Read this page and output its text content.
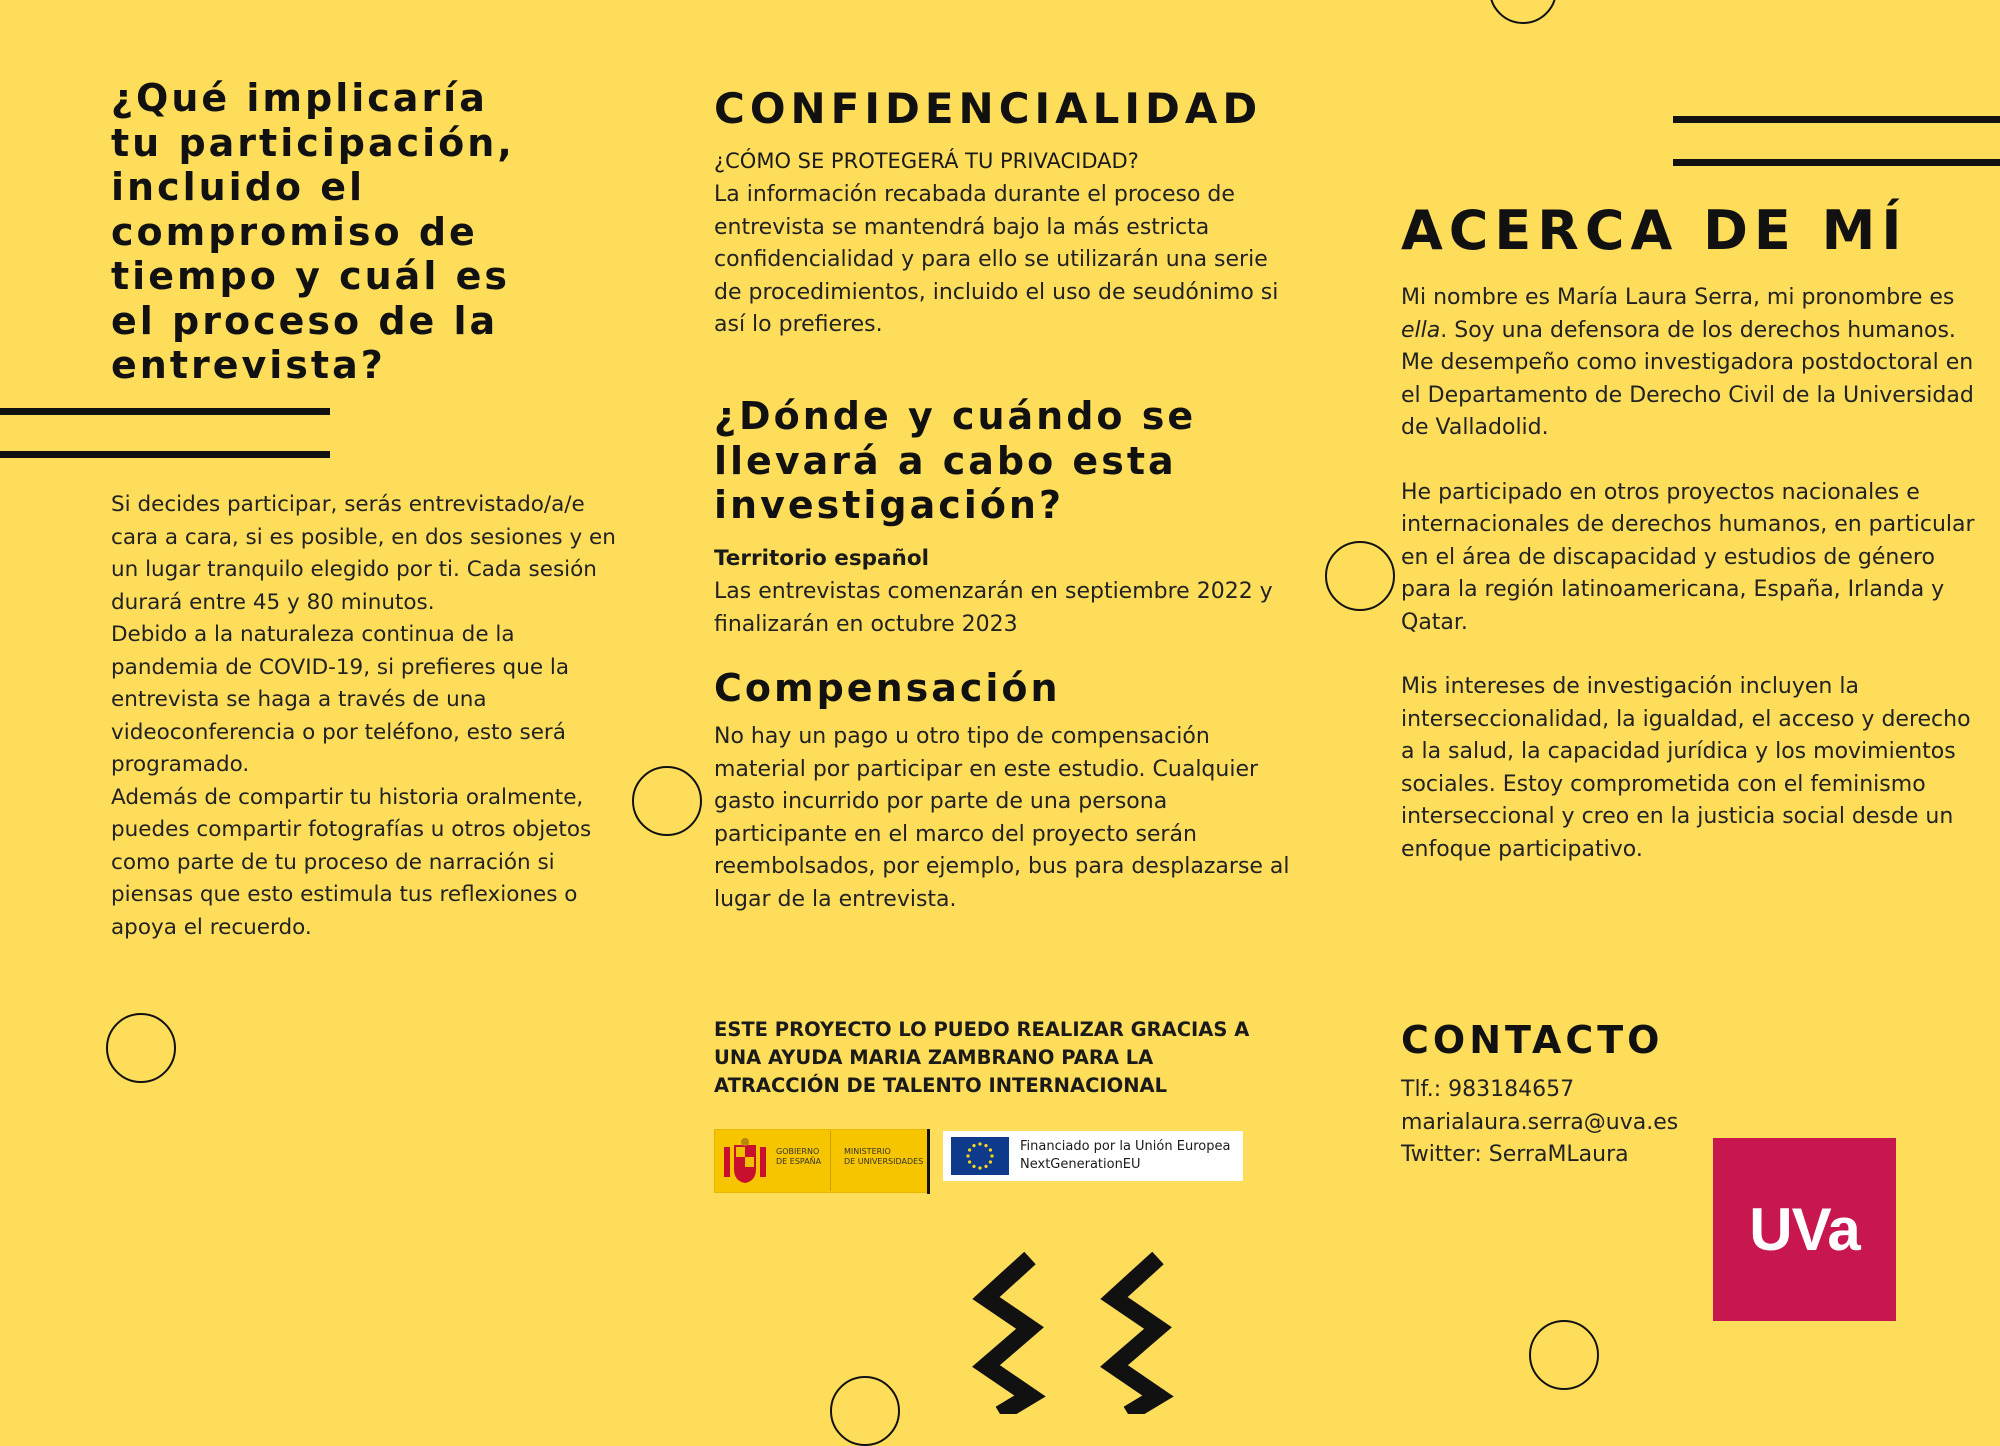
¿Qué implicaría
tu participación,
incluido el
compromiso de
tiempo y cuál es
el proceso de la
entrevista?

Si decides participar, serás entrevistado/a/e cara a cara, si es posible, en dos sesiones y en un lugar tranquilo elegido por ti. Cada sesión durará entre 45 y 80 minutos.
Debido a la naturaleza continua de la pandemia de COVID-19, si prefieres que la entrevista se haga a través de una videoconferencia o por teléfono, esto será programado.
Además de compartir tu historia oralmente, puedes compartir fotografías u otros objetos como parte de tu proceso de narración si piensas que esto estimula tus reflexiones o apoya el recuerdo.

CONFIDENCIALIDAD

¿CÓMO SE PROTEGERÁ TU PRIVACIDAD?

La información recabada durante el proceso de entrevista se mantendrá bajo la más estricta confidencialidad y para ello se utilizarán una serie de procedimientos, incluido el uso de seudónimo si así lo prefieres.

¿Dónde y cuándo se
llevará a cabo esta
investigación?

Territorio español

Las entrevistas comenzarán en septiembre 2022 y finalizarán en octubre 2023

Compensación

No hay un pago u otro tipo de compensación material por participar en este estudio. Cualquier gasto incurrido por parte de una persona participante en el marco del proyecto serán reembolsados, por ejemplo, bus para desplazarse al lugar de la entrevista.

ESTE PROYECTO LO PUEDO REALIZAR GRACIAS A
UNA AYUDA MARIA ZAMBRANO PARA LA
ATRACCIÓN DE TALENTO INTERNACIONAL

GOBIERNO
DE ESPAÑA
MINISTERIO
DE UNIVERSIDADES
Financiado por la Unión Europea
NextGenerationEU
ACERCA DE MÍ

Mi nombre es María Laura Serra, mi pronombre es ella. Soy una defensora de los derechos humanos.
Me desempeño como investigadora postdoctoral en el Departamento de Derecho Civil de la Universidad de Valladolid.
He participado en otros proyectos nacionales e internacionales de derechos humanos, en particular en el área de discapacidad y estudios de género para la región latinoamericana, España, Irlanda y Qatar.
Mis intereses de investigación incluyen la interseccionalidad, la igualdad, el acceso y derecho a la salud, la capacidad jurídica y los movimientos sociales. Estoy comprometida con el feminismo interseccional y creo en la justicia social desde un enfoque participativo.

CONTACTO

Tlf.: 983184657
marialaura.serra@uva.es
Twitter: SerraMLaura

UVa
